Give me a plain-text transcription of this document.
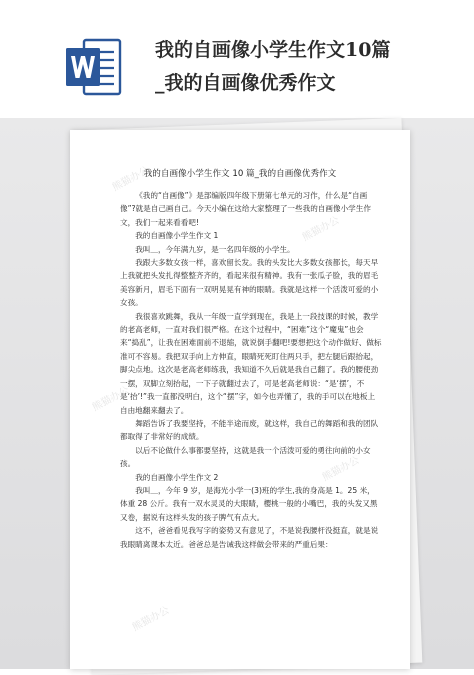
我的自画像小学生作文10篇
_我的自画像优秀作文
我的自画像小学生作文 10 篇_我的自画像优秀作文

《我的“自画像”》是部编版四年级下册第七单元的习作，什么是“自画像”?就是自己画自己。今天小编在这给大家整理了一些我的自画像小学生作文，我们一起来看看吧!

我的自画像小学生作文 1

我叫＿，今年满九岁，是一名四年级的小学生。

我跟大多数女孩一样，喜欢留长发。我的头发比大多数女孩都长，每天早上我就把头发扎得整整齐齐的，看起来很有精神。我有一张瓜子脸，我的眉毛美容新月，眉毛下面有一双明晃晃有神的眼睛。我就是这样一个活泼可爱的小女孩。

我很喜欢跳舞，我从一年级一直学到现在，我是上一段技课的时候，教学的老高老师，一直对我们很严格。在这个过程中，“困难”这个“魔鬼”也会来“捣乱”，让我在困难面前不退缩，就说倒手翻吧!要想把这个动作做好、做标准可不容易。我把双手向上方伸直，眼睛死死盯住两只手，把左腿后跟抬起，脚尖点地。这次是老高老师练我，我知道不久后就是我自己翻了。我的腰使劲一摆，双脚立刻抬起，一下子就翻过去了，可是老高老师说：“是‘摆’，不是‘抬’!”我一直都没明白，这个“摆”字，如今也弄懂了，我的手可以在地板上自由地翻来翻去了。

舞蹈告诉了我要坚持，不能半途而废，就这样，我自己的舞蹈和我的团队都取得了非常好的成绩。

以后不论做什么事都要坚持，这就是我一个活泼可爱的勇往向前的小女孩。

我的自画像小学生作文 2

我叫＿，今年 9 岁，是海光小学一(3)班的学生,我的身高是 1。25 米，体重 28 公斤。我有一双水灵灵的大眼睛，樱桃一般的小嘴巴，我的头发又黑又卷，据说有这样头发的孩子脾气有点大。

这不，爸爸看见我写字的姿势又有意见了，不是说我腰杆没挺直，就是说我眼睛离课本太近。爸爸总是告诫我这样做会带来的严重后果：

熊猫办公
熊猫办公
熊猫办公
熊猫办公
熊猫办公
